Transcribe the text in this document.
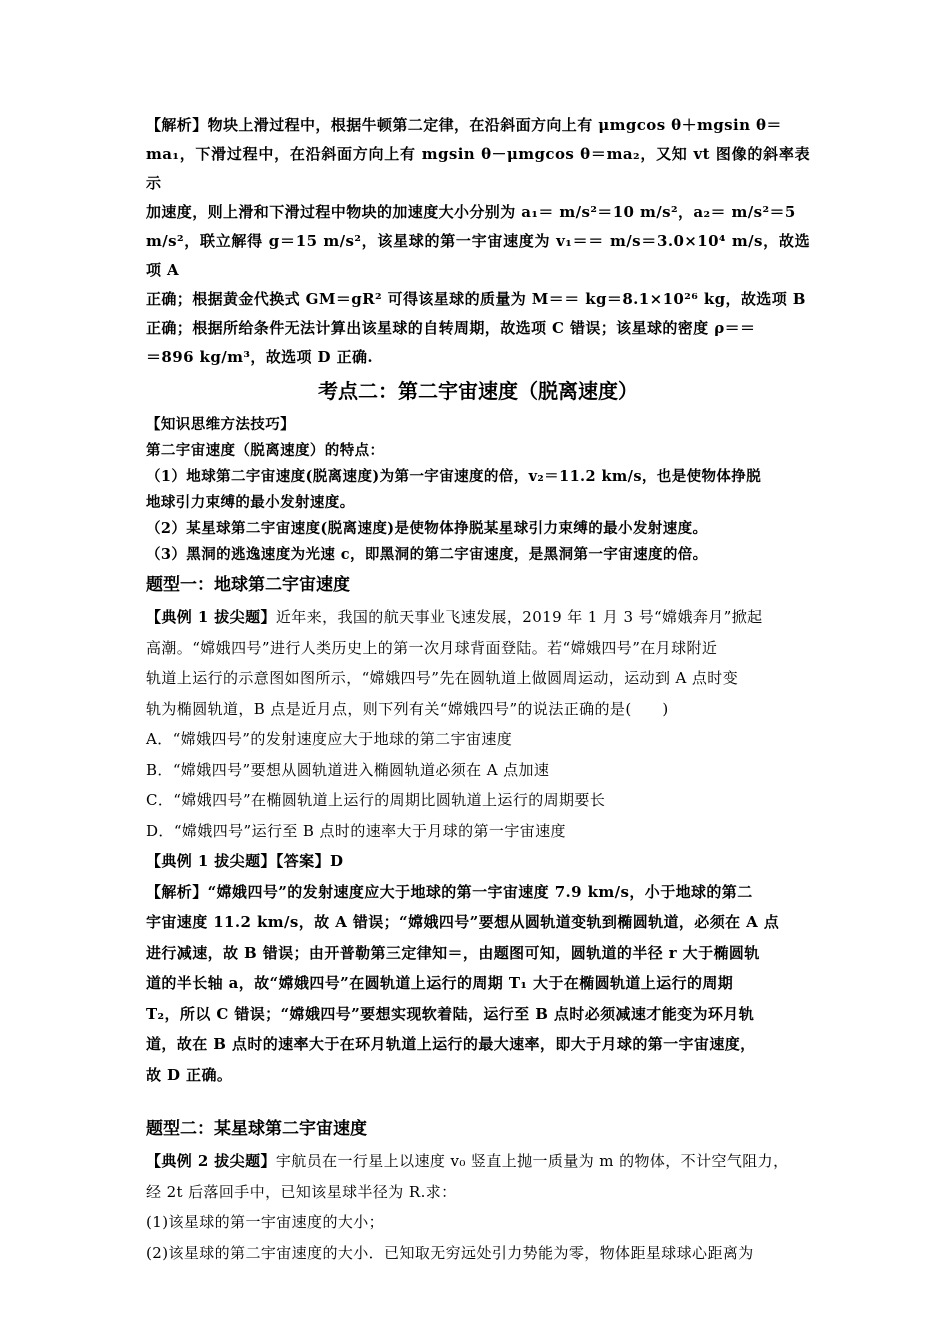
【解析】物块上滑过程中，根据牛顿第二定律，在沿斜面方向上有 μmgcos θ＋mgsin θ＝

ma₁，下滑过程中，在沿斜面方向上有 mgsin θ－μmgcos θ＝ma₂，又知 vt 图像的斜率表示

加速度，则上滑和下滑过程中物块的加速度大小分别为 a₁＝ m/s²＝10 m/s²，a₂＝ m/s²＝5

m/s²，联立解得 g＝15 m/s²，该星球的第一宇宙速度为 v₁＝＝ m/s＝3.0×10⁴ m/s，故选项 A

正确；根据黄金代换式 GM＝gR² 可得该星球的质量为 M＝＝ kg＝8.1×10²⁶ kg，故选项 B

正确；根据所给条件无法计算出该星球的自转周期，故选项 C 错误；该星球的密度 ρ＝＝

＝896 kg/m³，故选项 D 正确.

考点二：第二宇宙速度（脱离速度）

【知识思维方法技巧】

第二宇宙速度（脱离速度）的特点：

（1）地球第二宇宙速度(脱离速度)为第一宇宙速度的倍，v₂＝11.2 km/s，也是使物体挣脱

地球引力束缚的最小发射速度。

（2）某星球第二宇宙速度(脱离速度)是使物体挣脱某星球引力束缚的最小发射速度。

（3）黑洞的逃逸速度为光速 c，即黑洞的第二宇宙速度，是黑洞第一宇宙速度的倍。

题型一：地球第二宇宙速度

【典例 1 拔尖题】近年来，我国的航天事业飞速发展，2019 年 1 月 3 号“嫦娥奔月”掀起

高潮。“嫦娥四号”进行人类历史上的第一次月球背面登陆。若“嫦娥四号”在月球附近

轨道上运行的示意图如图所示，“嫦娥四号”先在圆轨道上做圆周运动，运动到 A 点时变

轨为椭圆轨道，B 点是近月点，则下列有关“嫦娥四号”的说法正确的是(　　)

A．“嫦娥四号”的发射速度应大于地球的第二宇宙速度

B．“嫦娥四号”要想从圆轨道进入椭圆轨道必须在 A 点加速

C．“嫦娥四号”在椭圆轨道上运行的周期比圆轨道上运行的周期要长

D．“嫦娥四号”运行至 B 点时的速率大于月球的第一宇宙速度

【典例 1 拔尖题】【答案】D

【解析】“嫦娥四号”的发射速度应大于地球的第一宇宙速度 7.9 km/s，小于地球的第二

宇宙速度 11.2 km/s，故 A 错误；“嫦娥四号”要想从圆轨道变轨到椭圆轨道，必须在 A 点

进行减速，故 B 错误；由开普勒第三定律知＝，由题图可知，圆轨道的半径 r 大于椭圆轨

道的半长轴 a，故“嫦娥四号”在圆轨道上运行的周期 T₁ 大于在椭圆轨道上运行的周期

T₂，所以 C 错误；“嫦娥四号”要想实现软着陆，运行至 B 点时必须减速才能变为环月轨

道，故在 B 点时的速率大于在环月轨道上运行的最大速率，即大于月球的第一宇宙速度，

故 D 正确。

题型二：某星球第二宇宙速度

【典例 2 拔尖题】宇航员在一行星上以速度 v₀ 竖直上抛一质量为 m 的物体，不计空气阻力，

经 2t 后落回手中，已知该星球半径为 R.求：

(1)该星球的第一宇宙速度的大小；

(2)该星球的第二宇宙速度的大小．已知取无穷远处引力势能为零，物体距星球球心距离为
